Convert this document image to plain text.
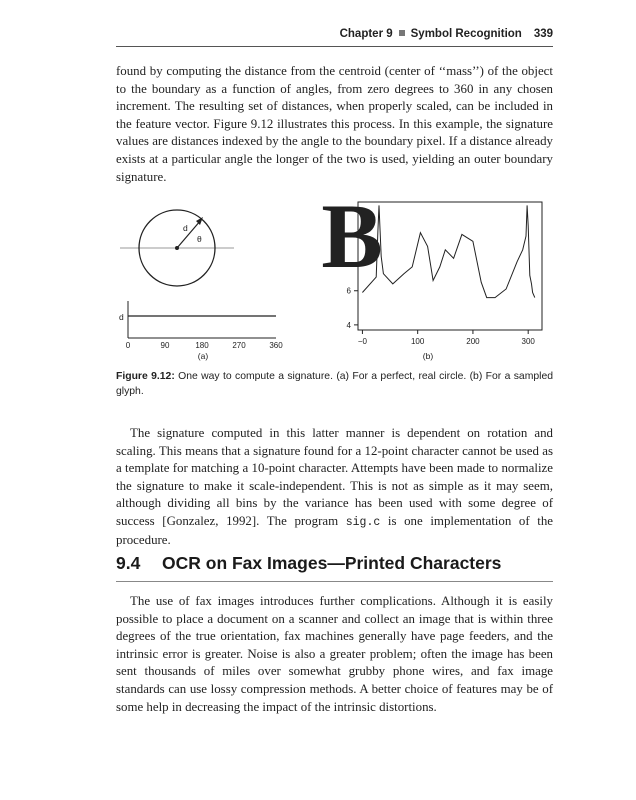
Chapter 9 Symbol Recognition 339

found by computing the distance from the centroid (center of ‘‘mass’’) of the object to the boundary as a function of angles, from zero degrees to 360 in any chosen increment. The resulting set of distances, when properly scaled, can be included in the feature vector. Figure 9.12 illustrates this process. In this example, the signature values are distances indexed by the angle to the boundary pixel. If a distance already exists at a particular angle the longer of the two is used, yielding an outer boundary signature.

d
θ
d
0	90	180	270	360
(a)
B
−0	100	200	300
4
6
(b)

Figure 9.12: One way to compute a signature. (a) For a perfect, real circle. (b) For a sampled glyph.

The signature computed in this latter manner is dependent on rotation and scaling. This means that a signature found for a 12-point character cannot be used as a template for matching a 10-point character. Attempts have been made to normalize the signature to make it scale-independent. This is not as simple as it may seem, although dividing all bins by the variance has been used with some degree of success [Gonzalez, 1992]. The program sig.c is one implementation of the procedure.

9.4 OCR on Fax Images—Printed Characters

The use of fax images introduces further complications. Although it is easily possible to place a document on a scanner and collect an image that is within three degrees of the true orientation, fax machines generally have page feeders, and the intrinsic error is greater. Noise is also a greater problem; often the image has been sent thousands of miles over somewhat grubby phone wires, and fax image standards can use lossy compression methods. A better choice of features may be of some help in decreasing the impact of the intrinsic distortions.
